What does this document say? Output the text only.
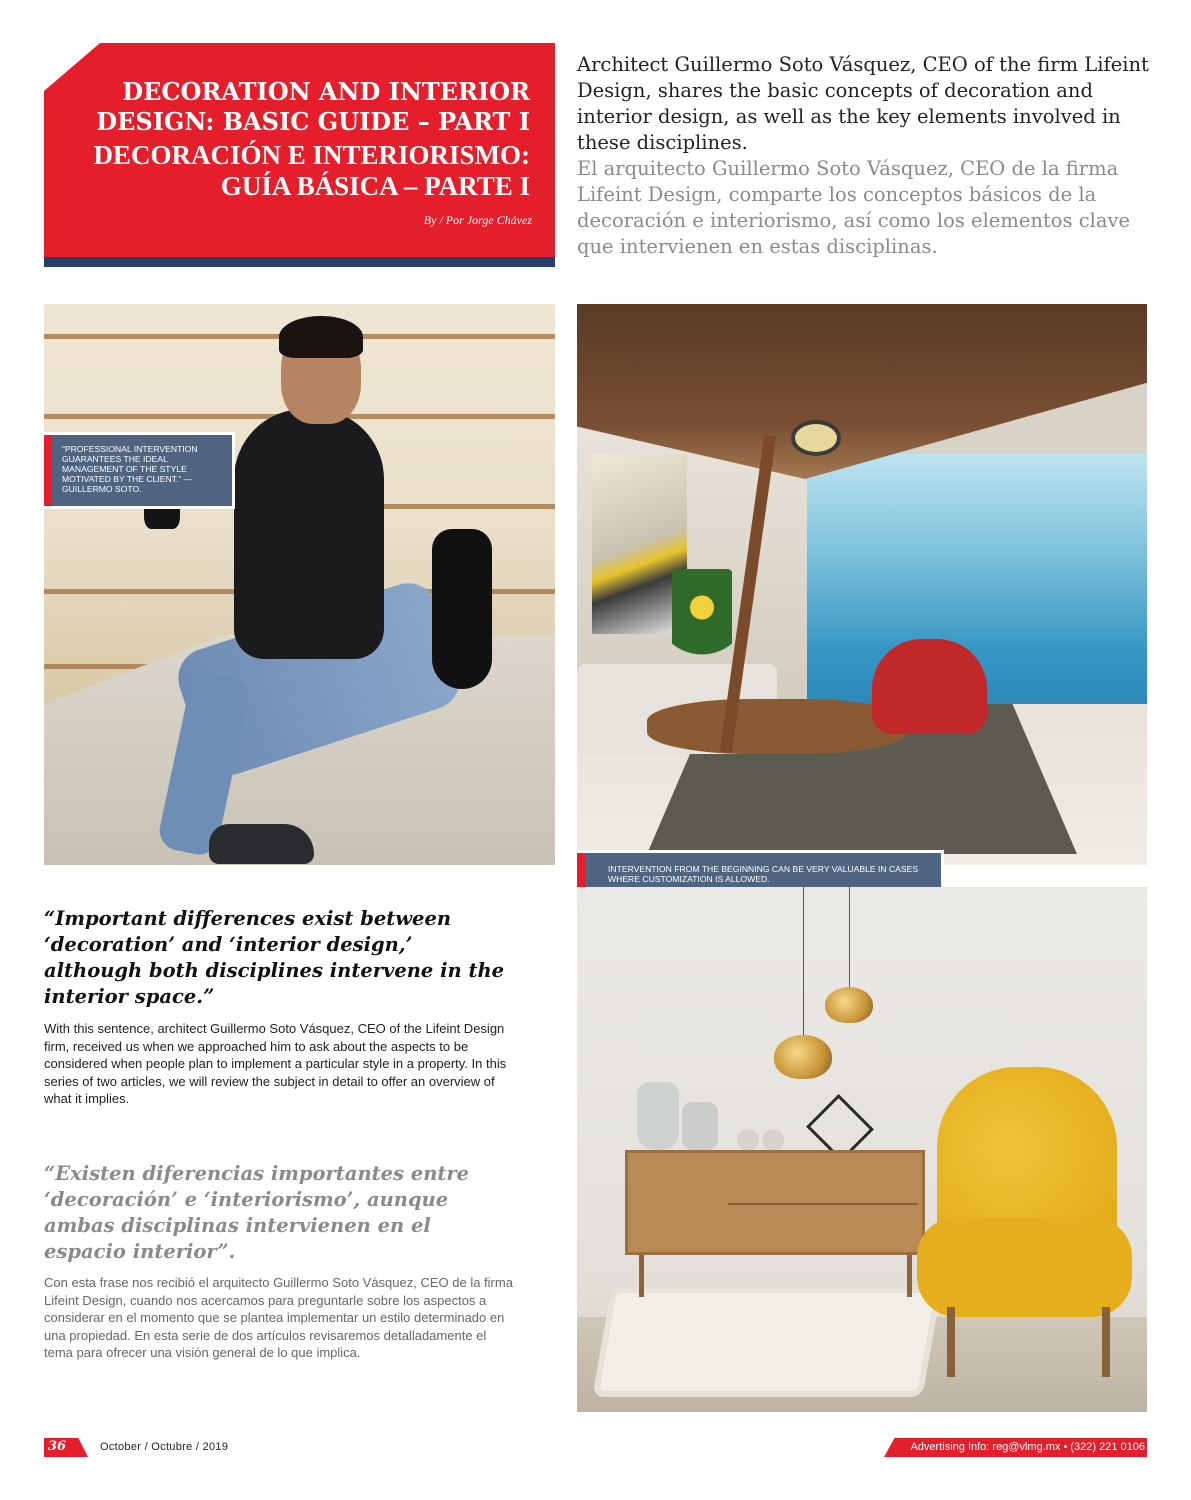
DECORATION AND INTERIOR DESIGN: BASIC GUIDE – PART I
DECORACIÓN E INTERIORISMO: GUÍA BÁSICA – PARTE I
By / Por Jorge Chávez

Architect Guillermo Soto Vásquez, CEO of the firm Lifeint Design, shares the basic concepts of decoration and interior design, as well as the key elements involved in these disciplines.

El arquitecto Guillermo Soto Vásquez, CEO de la firma Lifeint Design, comparte los conceptos básicos de la decoración e interiorismo, así como los elementos clave que intervienen en estas disciplinas.

“PROFESSIONAL INTERVENTION GUARANTEES THE IDEAL MANAGEMENT OF THE STYLE MOTIVATED BY THE CLIENT.” —GUILLERMO SOTO.

INTERVENTION FROM THE BEGINNING CAN BE VERY VALUABLE IN CASES WHERE CUSTOMIZATION IS ALLOWED.

“Important differences exist between ‘decoration’ and ‘interior design,’ although both disciplines intervene in the interior space.”

With this sentence, architect Guillermo Soto Vásquez, CEO of the Lifeint Design firm, received us when we approached him to ask about the aspects to be considered when people plan to implement a particular style in a property. In this series of two articles, we will review the subject in detail to offer an overview of what it implies.

“Existen diferencias importantes entre ‘decoración’ e ‘interiorismo’, aunque ambas disciplinas intervienen en el espacio interior”.

Con esta frase nos recibió el arquitecto Guillermo Soto Vásquez, CEO de la firma Lifeint Design, cuando nos acercamos para preguntarle sobre los aspectos a considerar en el momento que se plantea implementar un estilo determinado en una propiedad. En esta serie de dos artículos revisaremos detalladamente el tema para ofrecer una visión general de lo que implica.

36	October / Octubre / 2019	Advertising Info: reg@vlmg.mx • (322) 221 0106
